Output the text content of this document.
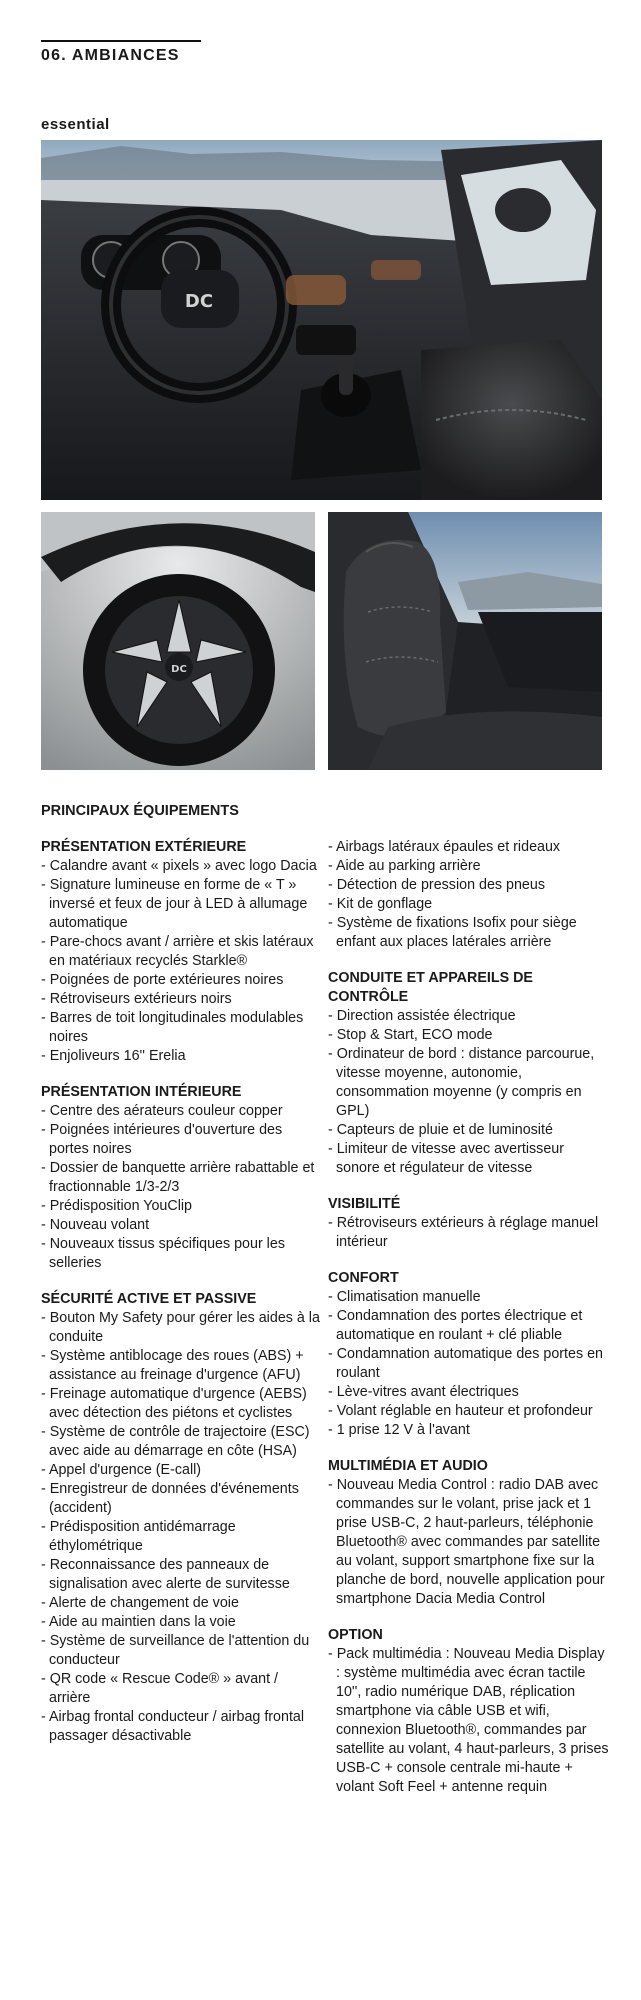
06. AMBIANCES
essential
DC
DC
PRINCIPAUX ÉQUIPEMENTS
PRÉSENTATION EXTÉRIEURE
- Calandre avant « pixels » avec logo Dacia
- Signature lumineuse en forme de « T » inversé et feux de jour à LED à allumage automatique
- Pare-chocs avant / arrière et skis latéraux en matériaux recyclés Starkle®
- Poignées de porte extérieures noires
- Rétroviseurs extérieurs noirs
- Barres de toit longitudinales modulables noires
- Enjoliveurs 16'' Erelia
PRÉSENTATION INTÉRIEURE
- Centre des aérateurs couleur copper
- Poignées intérieures d'ouverture des portes noires
- Dossier de banquette arrière rabattable et fractionnable 1/3-2/3
- Prédisposition YouClip
- Nouveau volant
- Nouveaux tissus spécifiques pour les selleries
SÉCURITÉ ACTIVE ET PASSIVE
- Bouton My Safety pour gérer les aides à la conduite
- Système antiblocage des roues (ABS) + assistance au freinage d'urgence (AFU)
- Freinage automatique d'urgence (AEBS) avec détection des piétons et cyclistes
- Système de contrôle de trajectoire (ESC) avec aide au démarrage en côte (HSA)
- Appel d'urgence (E-call)
- Enregistreur de données d'événements (accident)
- Prédisposition antidémarrage éthylométrique
- Reconnaissance des panneaux de signalisation avec alerte de survitesse
- Alerte de changement de voie
- Aide au maintien dans la voie
- Système de surveillance de l'attention du conducteur
- QR code « Rescue Code® » avant / arrière
- Airbag frontal conducteur / airbag frontal passager désactivable
- Airbags latéraux épaules et rideaux
- Aide au parking arrière
- Détection de pression des pneus
- Kit de gonflage
- Système de fixations Isofix pour siège enfant aux places latérales arrière
CONDUITE ET APPAREILS DE CONTRÔLE
- Direction assistée électrique
- Stop & Start, ECO mode
- Ordinateur de bord : distance parcourue, vitesse moyenne, autonomie, consommation moyenne (y compris en GPL)
- Capteurs de pluie et de luminosité
- Limiteur de vitesse avec avertisseur sonore et régulateur de vitesse
VISIBILITÉ
- Rétroviseurs extérieurs à réglage manuel intérieur
CONFORT
- Climatisation manuelle
- Condamnation des portes électrique et automatique en roulant + clé pliable
- Condamnation automatique des portes en roulant
- Lève-vitres avant électriques
- Volant réglable en hauteur et profondeur
- 1 prise 12 V à l'avant
MULTIMÉDIA ET AUDIO
- Nouveau Media Control : radio DAB avec commandes sur le volant, prise jack et 1 prise USB-C, 2 haut-parleurs, téléphonie Bluetooth® avec commandes par satellite au volant, support smartphone fixe sur la planche de bord, nouvelle application pour smartphone Dacia Media Control
OPTION
- Pack multimédia : Nouveau Media Display : système multimédia avec écran tactile 10'', radio numérique DAB, réplication smartphone via câble USB et wifi, connexion Bluetooth®, commandes par satellite au volant, 4 haut-parleurs, 3 prises USB-C + console centrale mi-haute + volant Soft Feel + antenne requin
